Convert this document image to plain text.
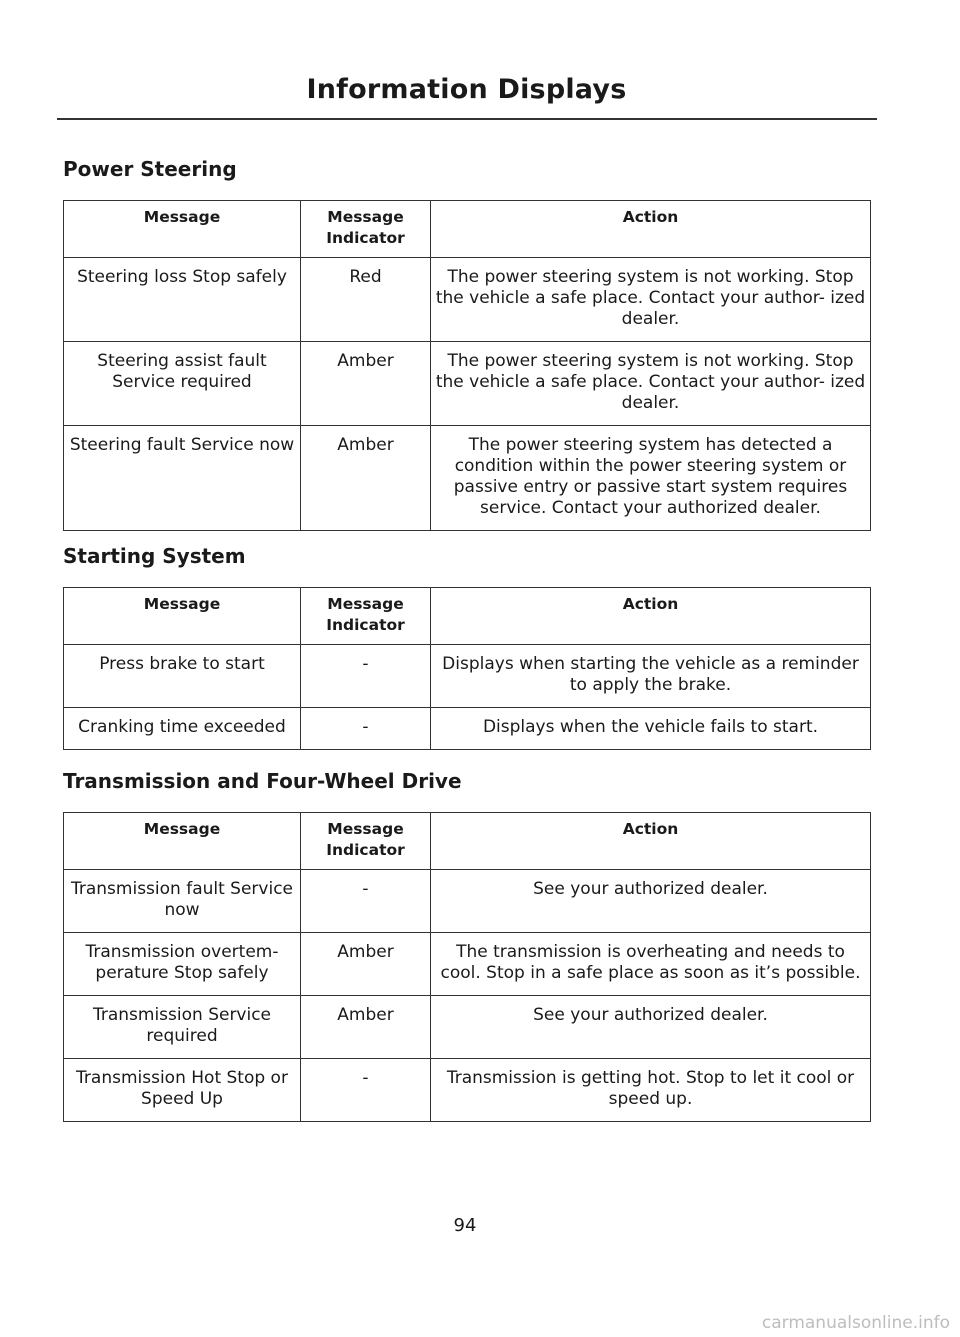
Information Displays
Power Steering
Message	Message Indicator	Action
Steering loss Stop safely	Red	The power steering system is not working. Stop the vehicle a safe place. Contact your author- ized dealer.
Steering assist fault Service required	Amber	The power steering system is not working. Stop the vehicle a safe place. Contact your author- ized dealer.
Steering fault Service now	Amber	The power steering system has detected a condition within the power steering system or passive entry or passive start system requires service. Contact your authorized dealer.
Starting System
Message	Message Indicator	Action
Press brake to start	-	Displays when starting the vehicle as a reminder to apply the brake.
Cranking time exceeded	-	Displays when the vehicle fails to start.
Transmission and Four-Wheel Drive
Message	Message Indicator	Action
Transmission fault Service now	-	See your authorized dealer.
Transmission overtem- perature Stop safely	Amber	The transmission is overheating and needs to cool. Stop in a safe place as soon as it’s possible.
Transmission Service required	Amber	See your authorized dealer.
Transmission Hot Stop or Speed Up	-	Transmission is getting hot. Stop to let it cool or speed up.
94
carmanualsonline.info
